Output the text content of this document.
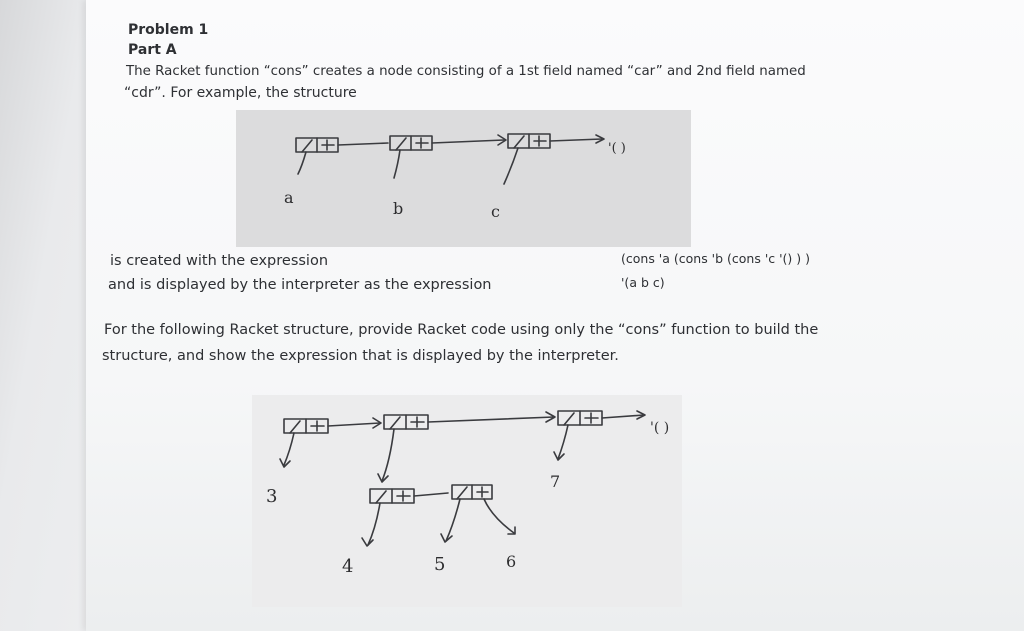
Problem 1
Part A
The Racket function “cons” creates a node consisting of a 1st field named “car” and 2nd field named
“cdr”. For example, the structure
a
b	c
'( )
is created with the expression
and is displayed by the interpreter as the expression
(cons 'a (cons 'b (cons 'c '() ) )
'(a b c)
For the following Racket structure, provide Racket code using only the “cons” function to build the
structure, and show the expression that is displayed by the interpreter.
3
4	5	6
7
'( )
